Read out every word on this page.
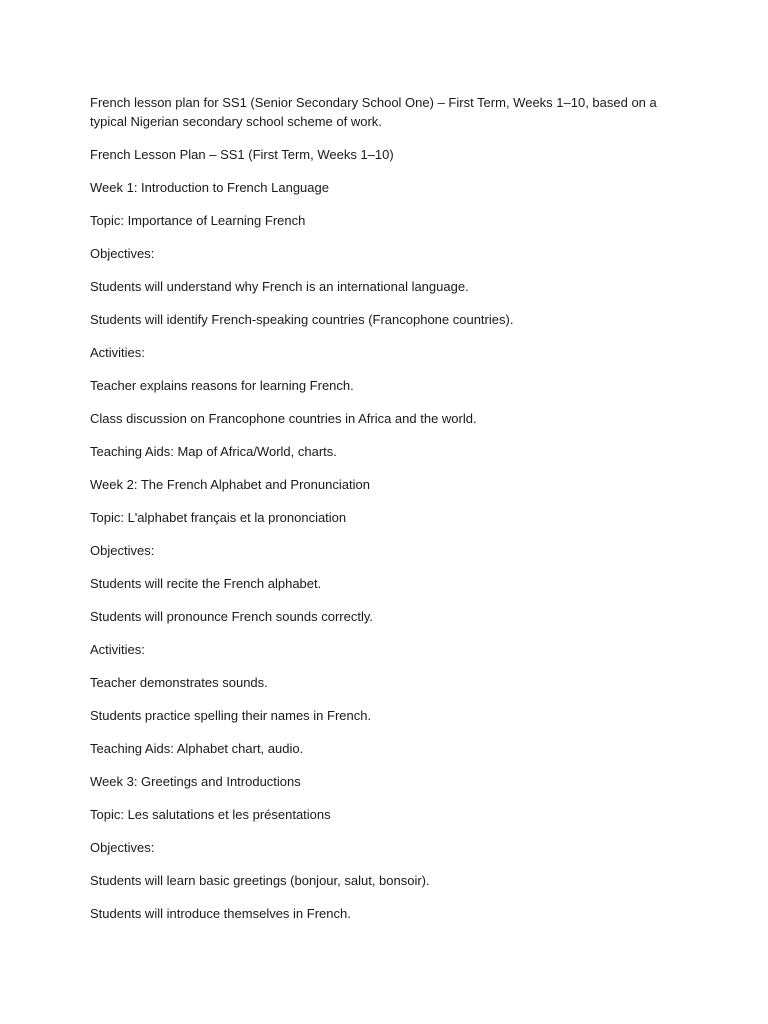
French lesson plan for SS1 (Senior Secondary School One) – First Term, Weeks 1–10, based on a typical Nigerian secondary school scheme of work.

French Lesson Plan – SS1 (First Term, Weeks 1–10)

Week 1: Introduction to French Language

Topic: Importance of Learning French

Objectives:

Students will understand why French is an international language.

Students will identify French-speaking countries (Francophone countries).

Activities:

Teacher explains reasons for learning French.

Class discussion on Francophone countries in Africa and the world.

Teaching Aids: Map of Africa/World, charts.

Week 2: The French Alphabet and Pronunciation

Topic: L'alphabet français et la prononciation

Objectives:

Students will recite the French alphabet.

Students will pronounce French sounds correctly.

Activities:

Teacher demonstrates sounds.

Students practice spelling their names in French.

Teaching Aids: Alphabet chart, audio.

Week 3: Greetings and Introductions

Topic: Les salutations et les présentations

Objectives:

Students will learn basic greetings (bonjour, salut, bonsoir).

Students will introduce themselves in French.
